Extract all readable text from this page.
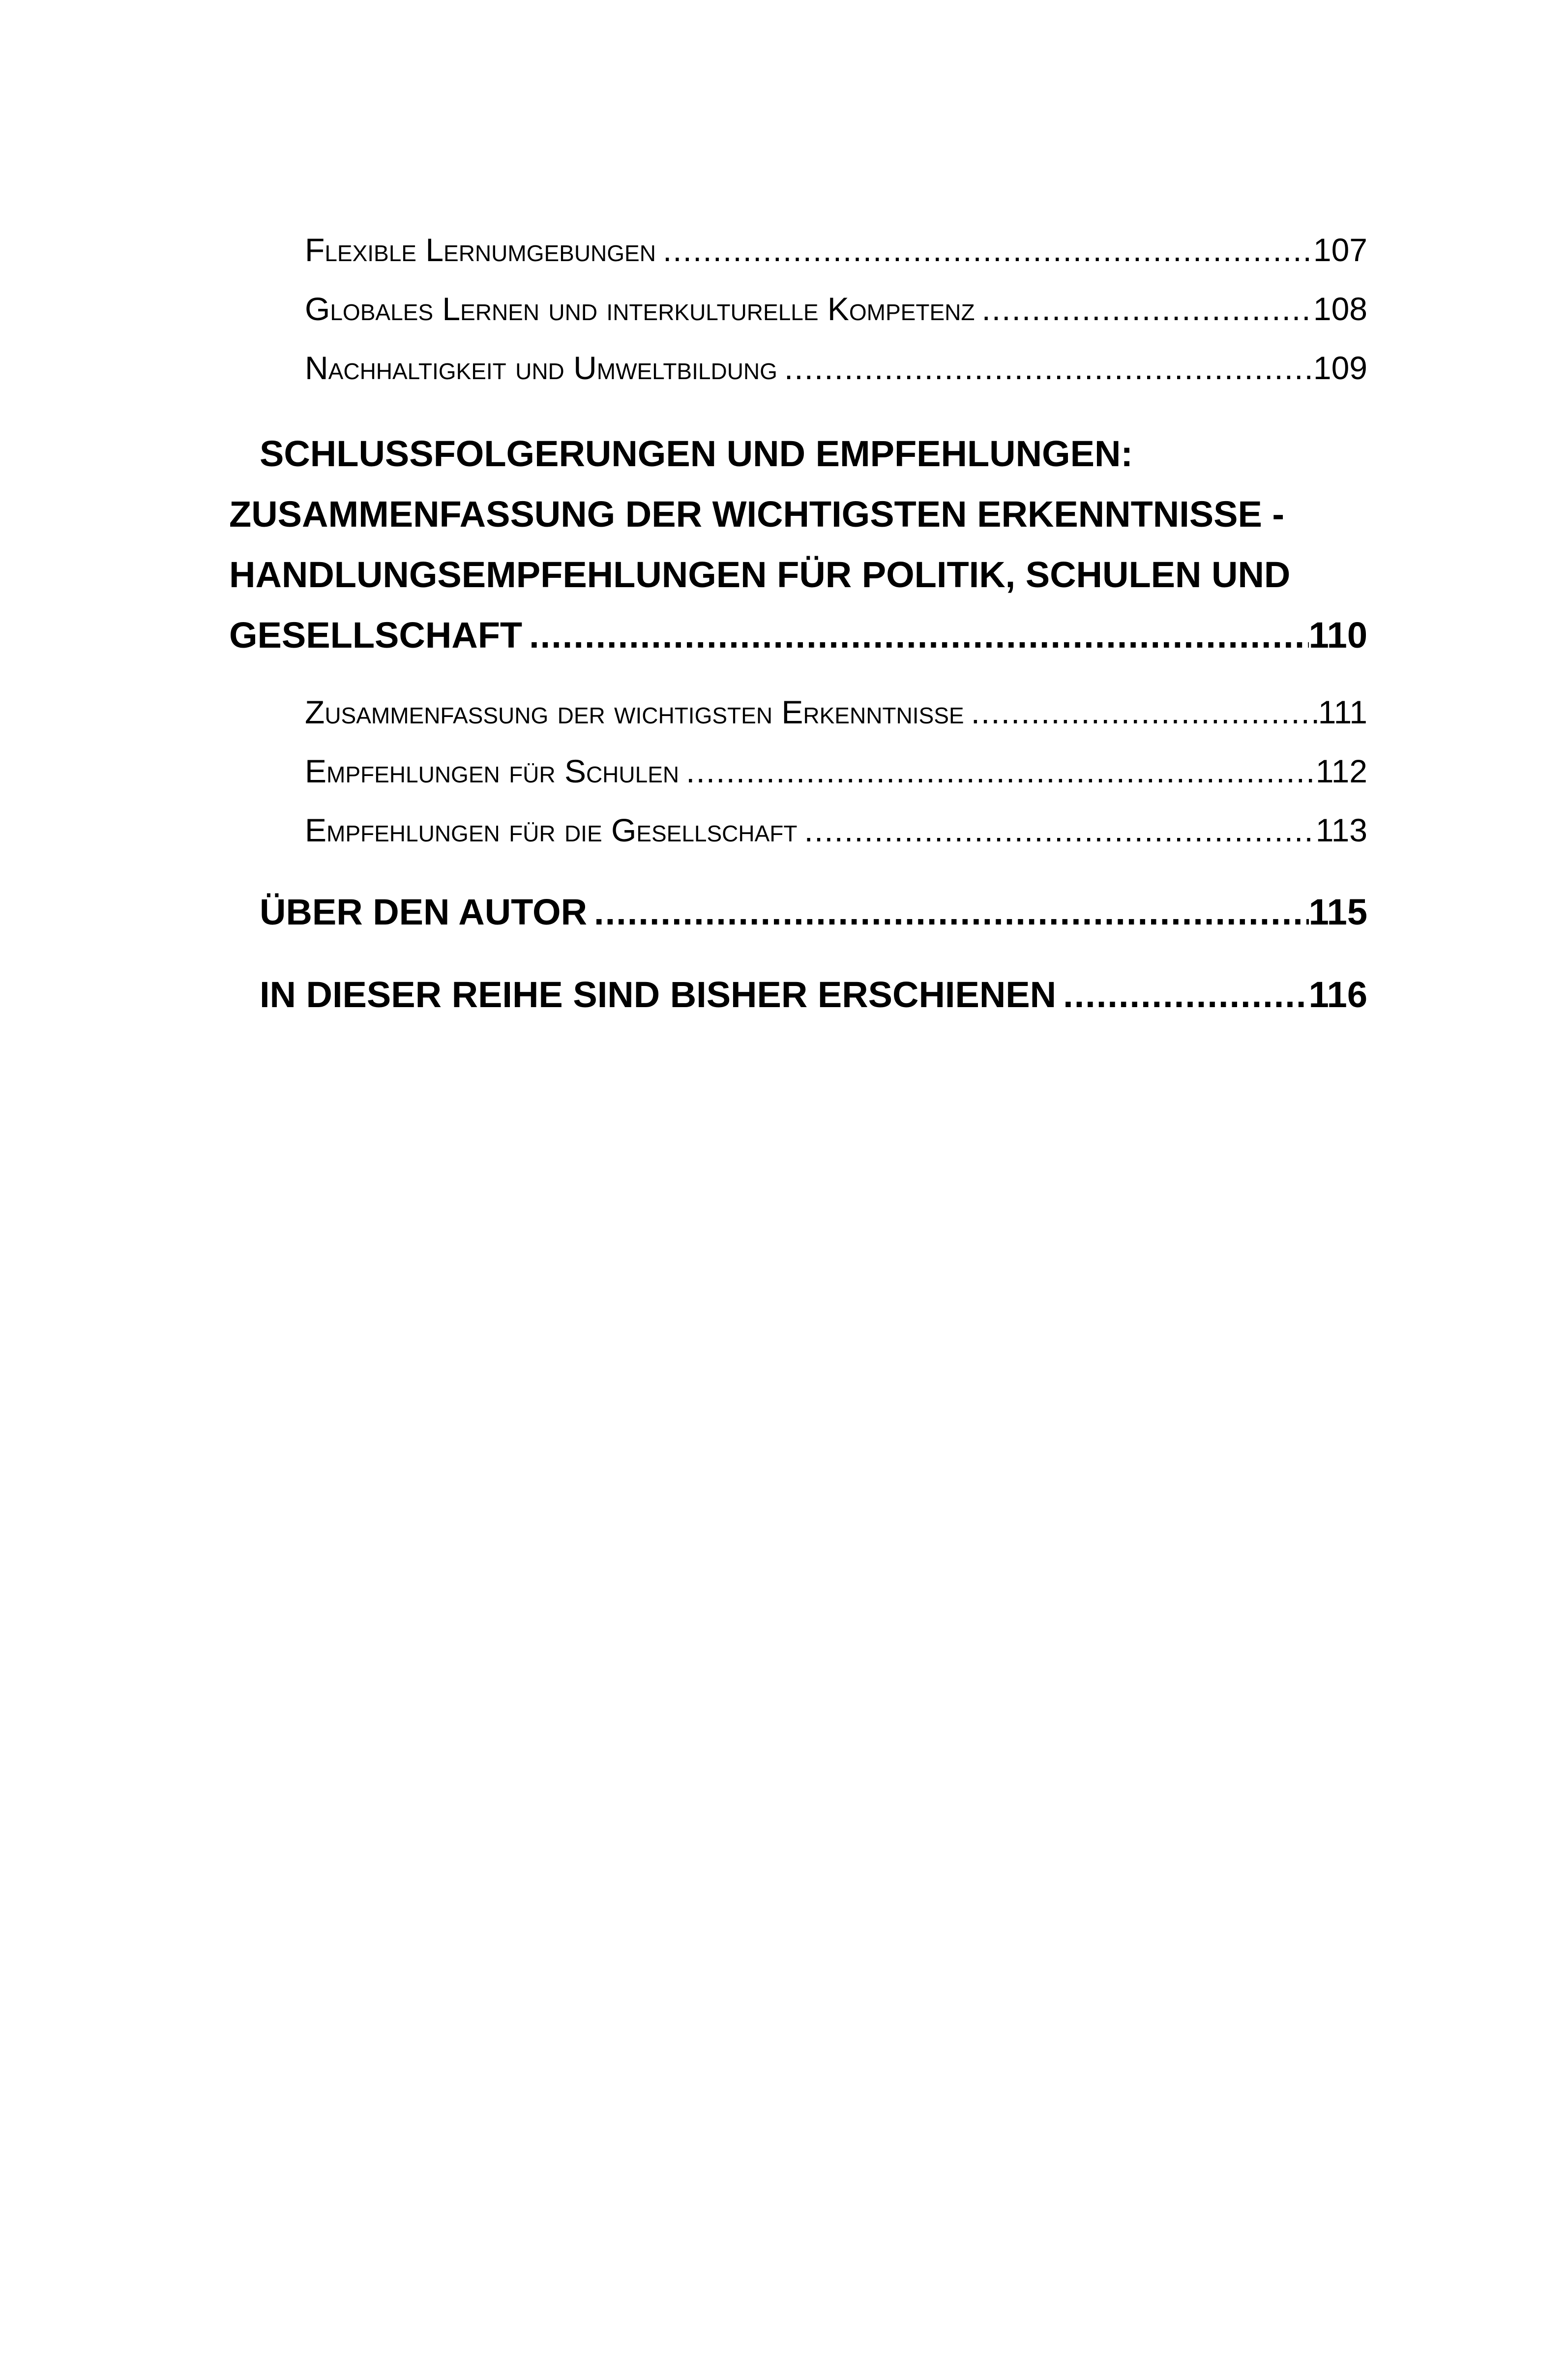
Flexible Lernumgebungen .....	107
Globales Lernen und interkulturelle Kompetenz .....	108
Nachhaltigkeit und Umweltbildung .....	109
SCHLUSSFOLGERUNGEN UND EMPFEHLUNGEN:
ZUSAMMENFASSUNG DER WICHTIGSTEN ERKENNTNISSE -
HANDLUNGSEMPFEHLUNGEN FÜR POLITIK, SCHULEN UND
GESELLSCHAFT .....	110
Zusammenfassung der wichtigsten Erkenntnisse .....	111
Empfehlungen für Schulen .....	112
Empfehlungen für die Gesellschaft .....	113
ÜBER DEN AUTOR .....	115
IN DIESER REIHE SIND BISHER ERSCHIENEN .....	116
